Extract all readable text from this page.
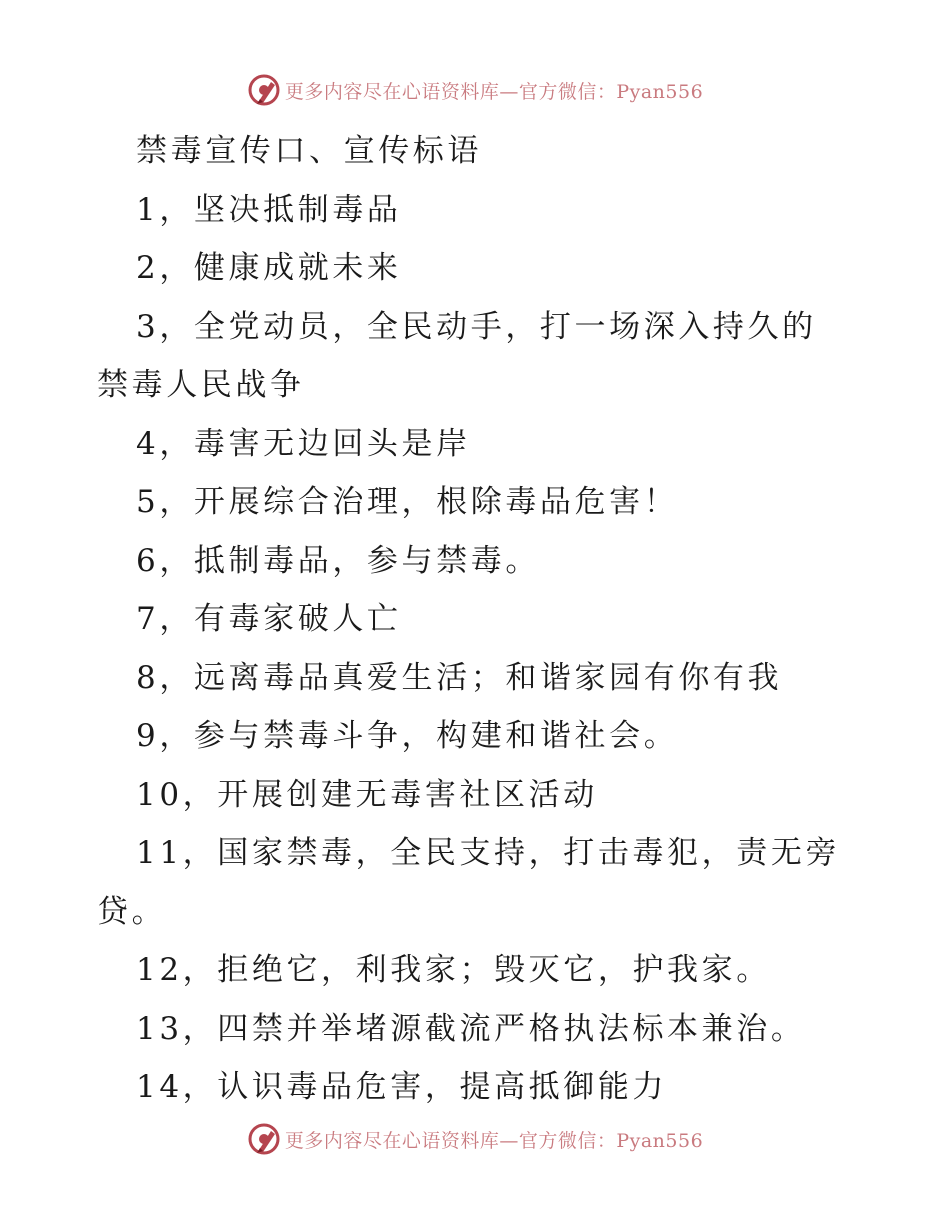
更多内容尽在心语资料库—官方微信：Pyan556

禁毒宣传口、宣传标语

1，坚决抵制毒品

2，健康成就未来

3，全党动员，全民动手，打一场深入持久的禁毒人民战争

4，毒害无边回头是岸

5，开展综合治理，根除毒品危害！

6，抵制毒品，参与禁毒。

7，有毒家破人亡

8，远离毒品真爱生活；和谐家园有你有我

9，参与禁毒斗争，构建和谐社会。

10，开展创建无毒害社区活动

11，国家禁毒，全民支持，打击毒犯，责无旁贷。

12，拒绝它，利我家；毁灭它，护我家。

13，四禁并举堵源截流严格执法标本兼治。

14，认识毒品危害，提高抵御能力

更多内容尽在心语资料库—官方微信：Pyan556
